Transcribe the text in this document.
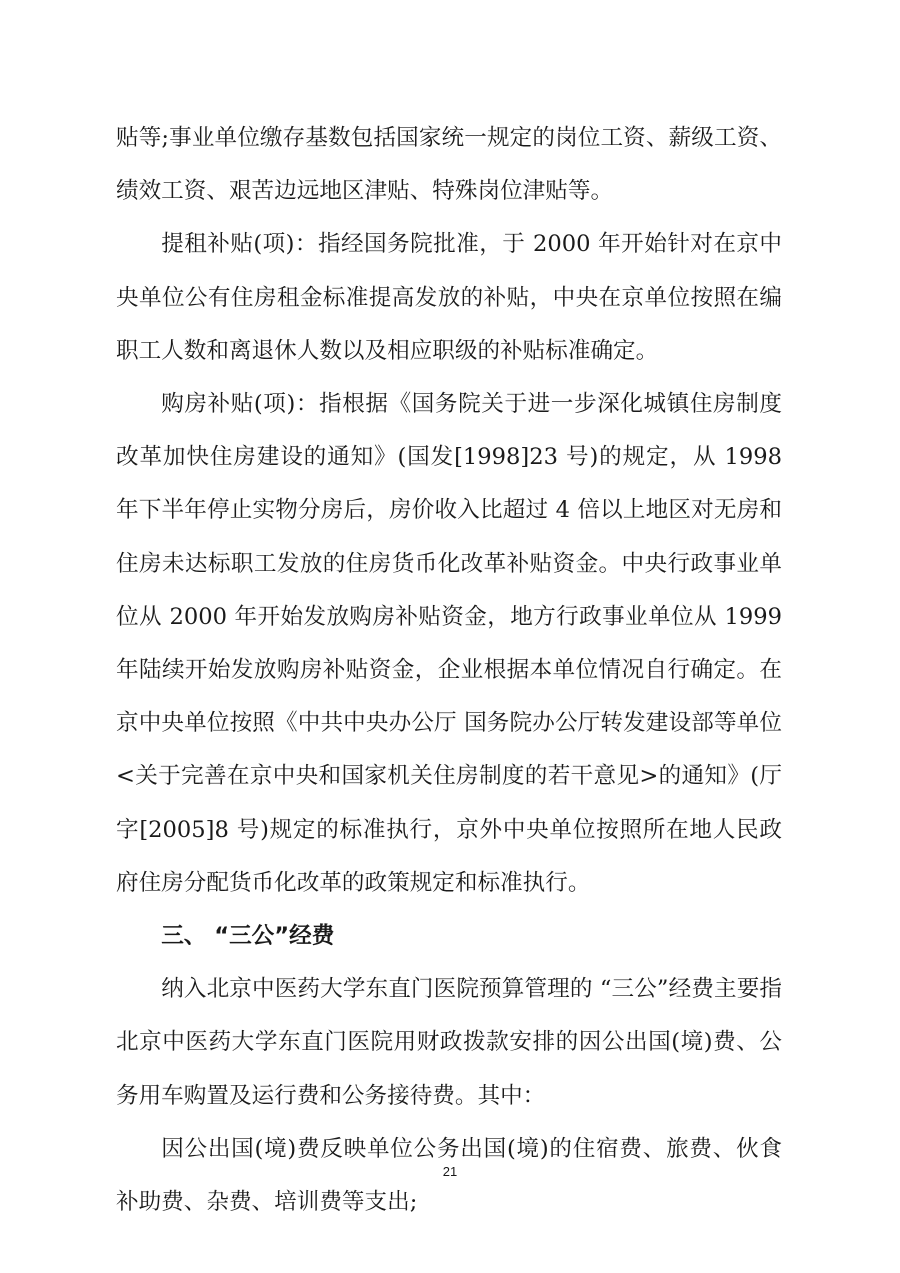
贴等;事业单位缴存基数包括国家统一规定的岗位工资、薪级工资、绩效工资、艰苦边远地区津贴、特殊岗位津贴等。

提租补贴(项)：指经国务院批准，于 2000 年开始针对在京中央单位公有住房租金标准提高发放的补贴，中央在京单位按照在编职工人数和离退休人数以及相应职级的补贴标准确定。

购房补贴(项)：指根据《国务院关于进一步深化城镇住房制度改革加快住房建设的通知》(国发[1998]23 号)的规定，从 1998 年下半年停止实物分房后，房价收入比超过 4 倍以上地区对无房和住房未达标职工发放的住房货币化改革补贴资金。中央行政事业单位从 2000 年开始发放购房补贴资金，地方行政事业单位从 1999 年陆续开始发放购房补贴资金，企业根据本单位情况自行确定。在京中央单位按照《中共中央办公厅 国务院办公厅转发建设部等单位<关于完善在京中央和国家机关住房制度的若干意见>的通知》(厅字[2005]8 号)规定的标准执行，京外中央单位按照所在地人民政府住房分配货币化改革的政策规定和标准执行。

三、 “三公”经费

纳入北京中医药大学东直门医院预算管理的 “三公”经费主要指北京中医药大学东直门医院用财政拨款安排的因公出国(境)费、公务用车购置及运行费和公务接待费。其中：

因公出国(境)费反映单位公务出国(境)的住宿费、旅费、伙食补助费、杂费、培训费等支出;

21
